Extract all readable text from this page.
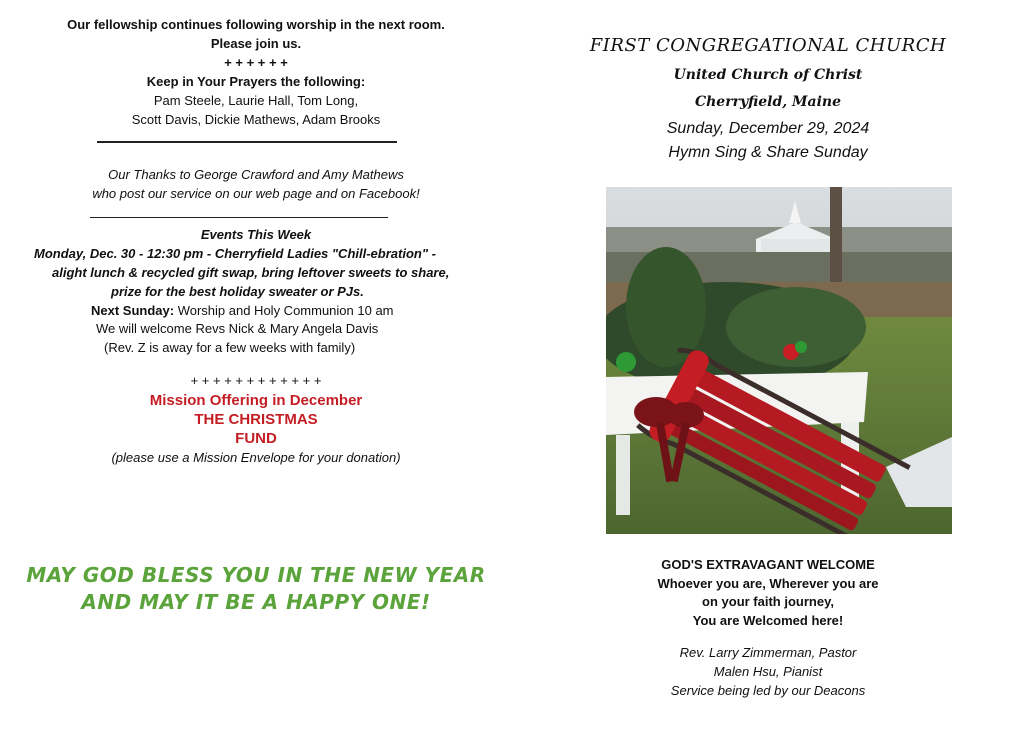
Our fellowship continues following worship in the next room.
Please join us.
+ + + + + +
Keep in Your Prayers the following:
Pam Steele, Laurie Hall, Tom Long,
Scott Davis, Dickie Mathews, Adam Brooks
Our Thanks to George Crawford and Amy Mathews
who post our service on our web page and on Facebook!
Events This Week
Monday, Dec. 30 - 12:30 pm - Cherryfield Ladies "Chill-ebration" -
alight lunch & recycled gift swap, bring leftover sweets to share,
prize for the best holiday sweater or PJs.
Next Sunday: Worship and Holy Communion 10 am
We will welcome Revs Nick & Mary Angela Davis
(Rev. Z is away for a few weeks with family)
+ + + + + + + + + + + +
Mission Offering in December
THE CHRISTMAS
FUND
(please use a Mission Envelope for your donation)
MAY GOD BLESS YOU IN THE NEW YEAR
AND MAY IT BE A HAPPY ONE!
FIRST CONGREGATIONAL CHURCH
United Church of Christ
Cherryfield, Maine
Sunday, December 29, 2024
Hymn Sing & Share Sunday
GOD'S EXTRAVAGANT WELCOME
Whoever you are, Wherever you are
on your faith journey,
You are Welcomed here!
Rev. Larry Zimmerman, Pastor
Malen Hsu, Pianist
Service being led by our Deacons
